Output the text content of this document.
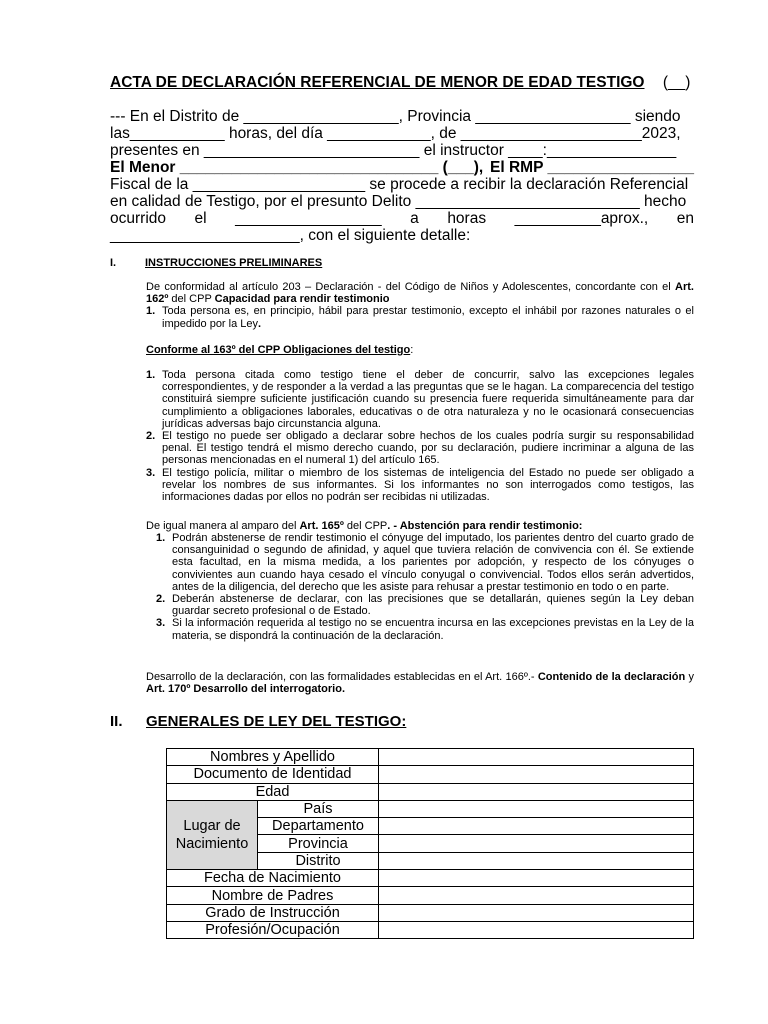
ACTA DE DECLARACIÓN REFERENCIAL DE MENOR DE EDAD TESTIGO (__)
--- En el Distrito de __________________, Provincia __________________ siendo
las___________ horas, del día ____________, de _____________________2023,
presentes en _________________________ el instructor ____:_______________
El Menor ______________________________ (___), El RMP _________________
Fiscal de la ____________________ se procede a recibir la declaración Referencial
en calidad de Testigo, por el presunto Delito __________________________ hecho
ocurrido el _________________ a horas __________aprox., en
______________________, con el siguiente detalle:
I.	INSTRUCCIONES PRELIMINARES
De conformidad al artículo 203 – Declaración - del Código de Niños y Adolescentes, concordante con el Art. 162º del CPP Capacidad para rendir testimonio
1. Toda persona es, en principio, hábil para prestar testimonio, excepto el inhábil por razones naturales o el impedido por la Ley.
Conforme al 163º del CPP Obligaciones del testigo:
1. Toda persona citada como testigo tiene el deber de concurrir, salvo las excepciones legales correspondientes, y de responder a la verdad a las preguntas que se le hagan. La comparecencia del testigo constituirá siempre suficiente justificación cuando su presencia fuere requerida simultáneamente para dar cumplimiento a obligaciones laborales, educativas o de otra naturaleza y no le ocasionará consecuencias jurídicas adversas bajo circunstancia alguna.
2. El testigo no puede ser obligado a declarar sobre hechos de los cuales podría surgir su responsabilidad penal. El testigo tendrá el mismo derecho cuando, por su declaración, pudiere incriminar a alguna de las personas mencionadas en el numeral 1) del artículo 165.
3. El testigo policía, militar o miembro de los sistemas de inteligencia del Estado no puede ser obligado a revelar los nombres de sus informantes. Si los informantes no son interrogados como testigos, las informaciones dadas por ellos no podrán ser recibidas ni utilizadas.
De igual manera al amparo del Art. 165º del CPP. - Abstención para rendir testimonio:
1. Podrán abstenerse de rendir testimonio el cónyuge del imputado, los parientes dentro del cuarto grado de consanguinidad o segundo de afinidad, y aquel que tuviera relación de convivencia con él. Se extiende esta facultad, en la misma medida, a los parientes por adopción, y respecto de los cónyuges o convivientes aun cuando haya cesado el vínculo conyugal o convivencial. Todos ellos serán advertidos, antes de la diligencia, del derecho que les asiste para rehusar a prestar testimonio en todo o en parte.
2. Deberán abstenerse de declarar, con las precisiones que se detallarán, quienes según la Ley deban guardar secreto profesional o de Estado.
3. Si la información requerida al testigo no se encuentra incursa en las excepciones previstas en la Ley de la materia, se dispondrá la continuación de la declaración.
Desarrollo de la declaración, con las formalidades establecidas en el Art. 166º.- Contenido de la declaración y Art. 170º Desarrollo del interrogatorio.
II. GENERALES DE LEY DEL TESTIGO:
Nombres y Apellido		
Documento de Identidad		
Edad		
Lugar de
Nacimiento	País	
	Departamento	
	Provincia	
	Distrito	
Fecha de Nacimiento		
Nombre de Padres		
Grado de Instrucción		
Profesión/Ocupación		
